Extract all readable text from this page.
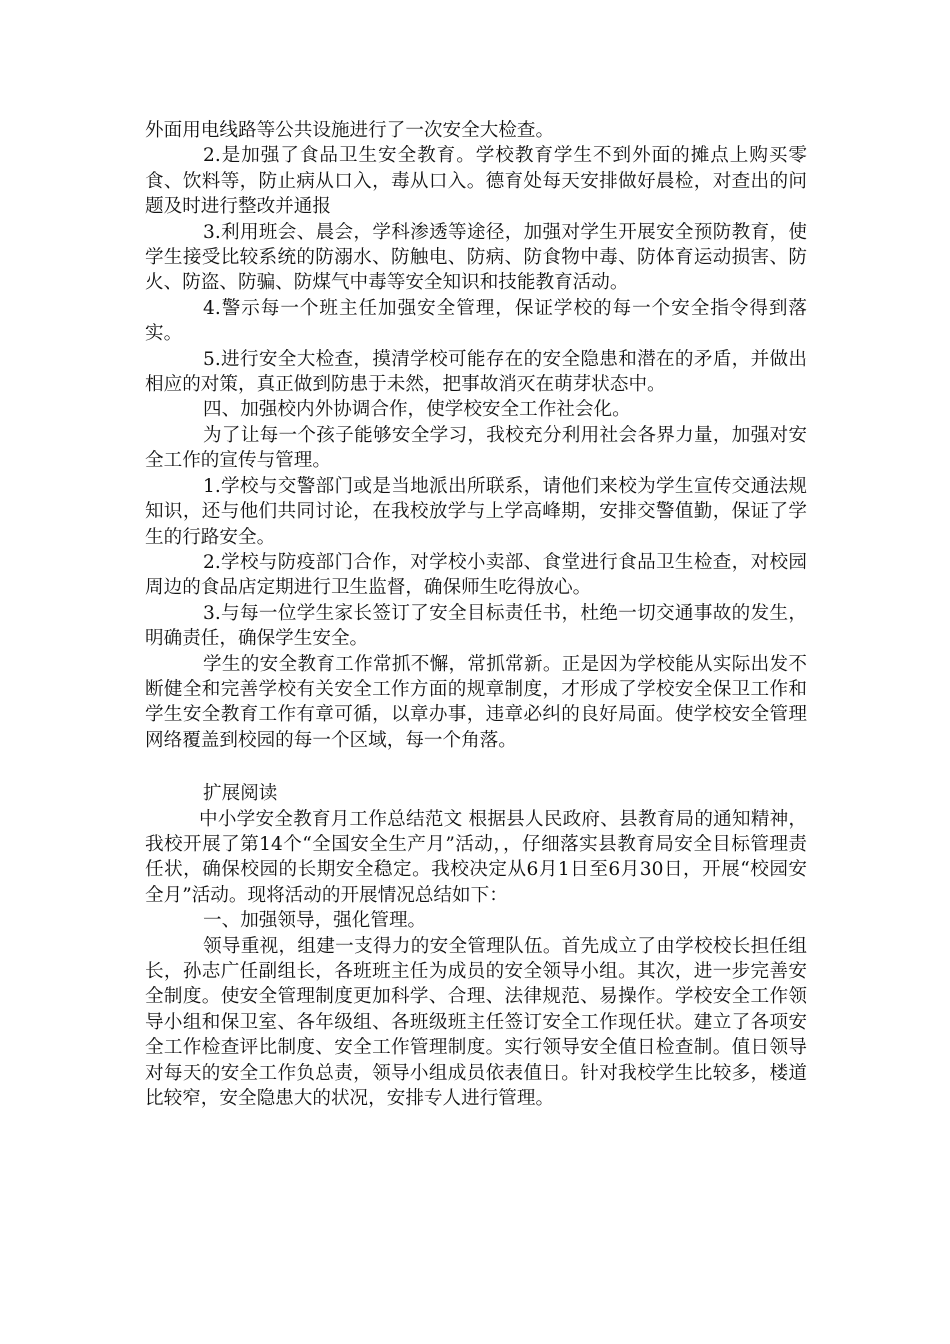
外面用电线路等公共设施进行了一次安全大检查。

2.是加强了食品卫生安全教育。学校教育学生不到外面的摊点上购买零食、饮料等，防止病从口入，毒从口入。德育处每天安排做好晨检，对查出的问题及时进行整改并通报

3.利用班会、晨会，学科渗透等途径，加强对学生开展安全预防教育，使学生接受比较系统的防溺水、防触电、防病、防食物中毒、防体育运动损害、防火、防盗、防骗、防煤气中毒等安全知识和技能教育活动。

4.警示每一个班主任加强安全管理，保证学校的每一个安全指令得到落实。

5.进行安全大检查，摸清学校可能存在的安全隐患和潜在的矛盾，并做出相应的对策，真正做到防患于未然，把事故消灭在萌芽状态中。

四、加强校内外协调合作，使学校安全工作社会化。

为了让每一个孩子能够安全学习，我校充分利用社会各界力量，加强对安全工作的宣传与管理。

1.学校与交警部门或是当地派出所联系，请他们来校为学生宣传交通法规知识，还与他们共同讨论，在我校放学与上学高峰期，安排交警值勤，保证了学生的行路安全。

2.学校与防疫部门合作，对学校小卖部、食堂进行食品卫生检查，对校园周边的食品店定期进行卫生监督，确保师生吃得放心。

3.与每一位学生家长签订了安全目标责任书，杜绝一切交通事故的发生，明确责任，确保学生安全。

学生的安全教育工作常抓不懈，常抓常新。正是因为学校能从实际出发不断健全和完善学校有关安全工作方面的规章制度，才形成了学校安全保卫工作和学生安全教育工作有章可循，以章办事，违章必纠的良好局面。使学校安全管理网络覆盖到校园的每一个区域，每一个角落。

扩展阅读

中小学安全教育月工作总结范文 根据县人民政府、县教育局的通知精神，我校开展了第14个“全国安全生产月”活动，，仔细落实县教育局安全目标管理责任状，确保校园的长期安全稳定。我校决定从6月1日至6月30日，开展“校园安全月”活动。现将活动的开展情况总结如下：

一、加强领导，强化管理。

领导重视，组建一支得力的安全管理队伍。首先成立了由学校校长担任组长，孙志广任副组长，各班班主任为成员的安全领导小组。其次，进一步完善安全制度。使安全管理制度更加科学、合理、法律规范、易操作。学校安全工作领导小组和保卫室、各年级组、各班级班主任签订安全工作现任状。建立了各项安全工作检查评比制度、安全工作管理制度。实行领导安全值日检查制。值日领导对每天的安全工作负总责，领导小组成员依表值日。针对我校学生比较多，楼道比较窄，安全隐患大的状况，安排专人进行管理。
